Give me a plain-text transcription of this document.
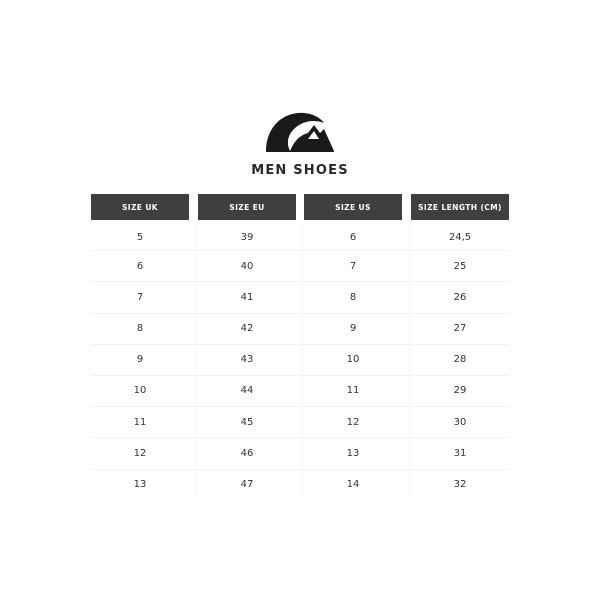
MEN SHOES
SIZE UK	SIZE EU	SIZE US	SIZE LENGTH (CM)
5	39	6	24,5
6	40	7	25
7	41	8	26
8	42	9	27
9	43	10	28
10	44	11	29
11	45	12	30
12	46	13	31
13	47	14	32
